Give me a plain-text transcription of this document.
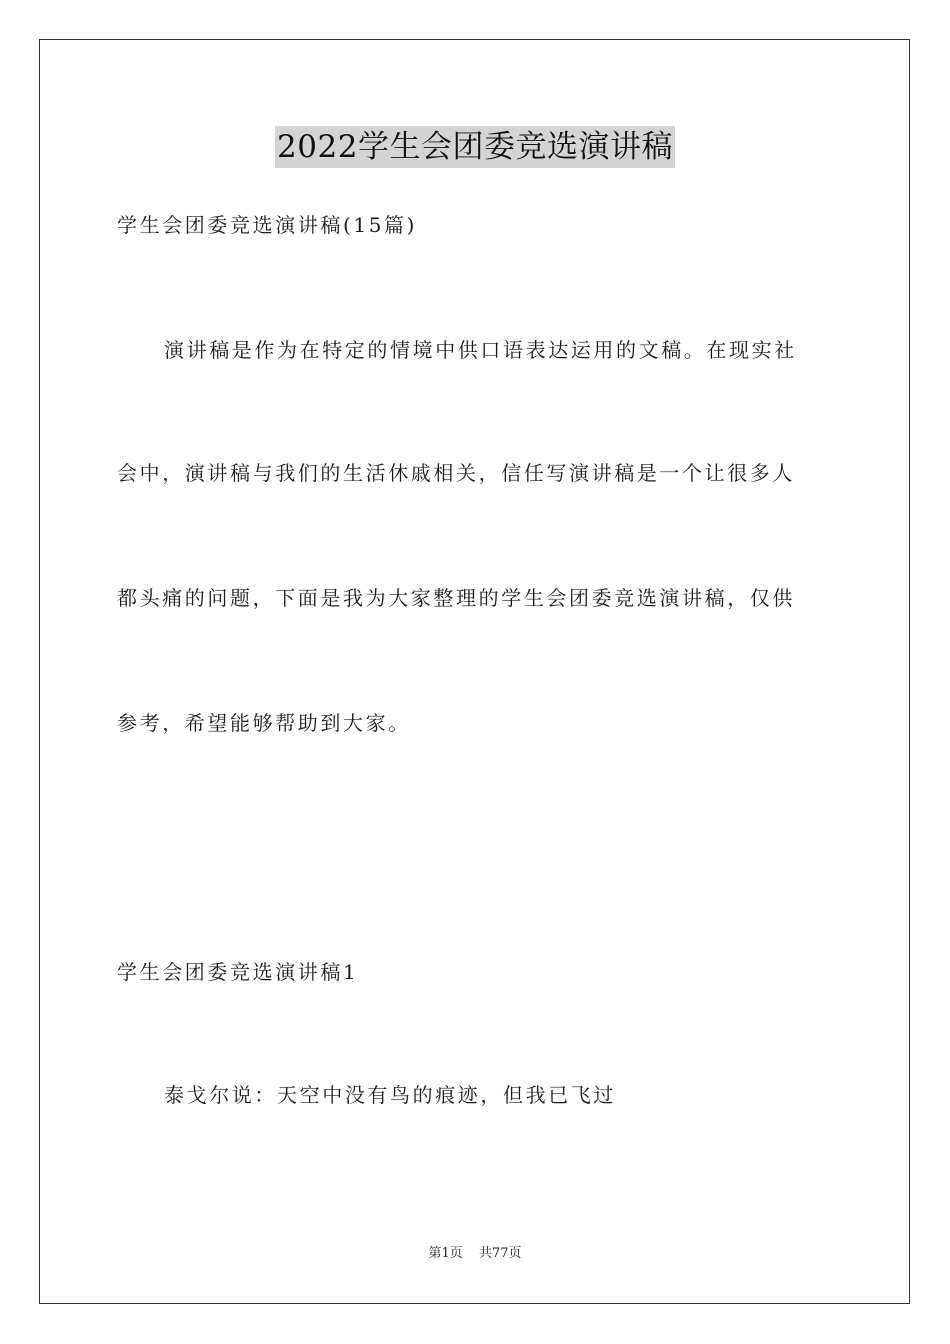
2022学生会团委竞选演讲稿
学生会团委竞选演讲稿(15篇)
演讲稿是作为在特定的情境中供口语表达运用的文稿。在现实社
会中，演讲稿与我们的生活休戚相关，信任写演讲稿是一个让很多人
都头痛的问题，下面是我为大家整理的学生会团委竞选演讲稿，仅供
参考，希望能够帮助到大家。
学生会团委竞选演讲稿1
泰戈尔说：天空中没有鸟的痕迹，但我已飞过
第1页 共77页
